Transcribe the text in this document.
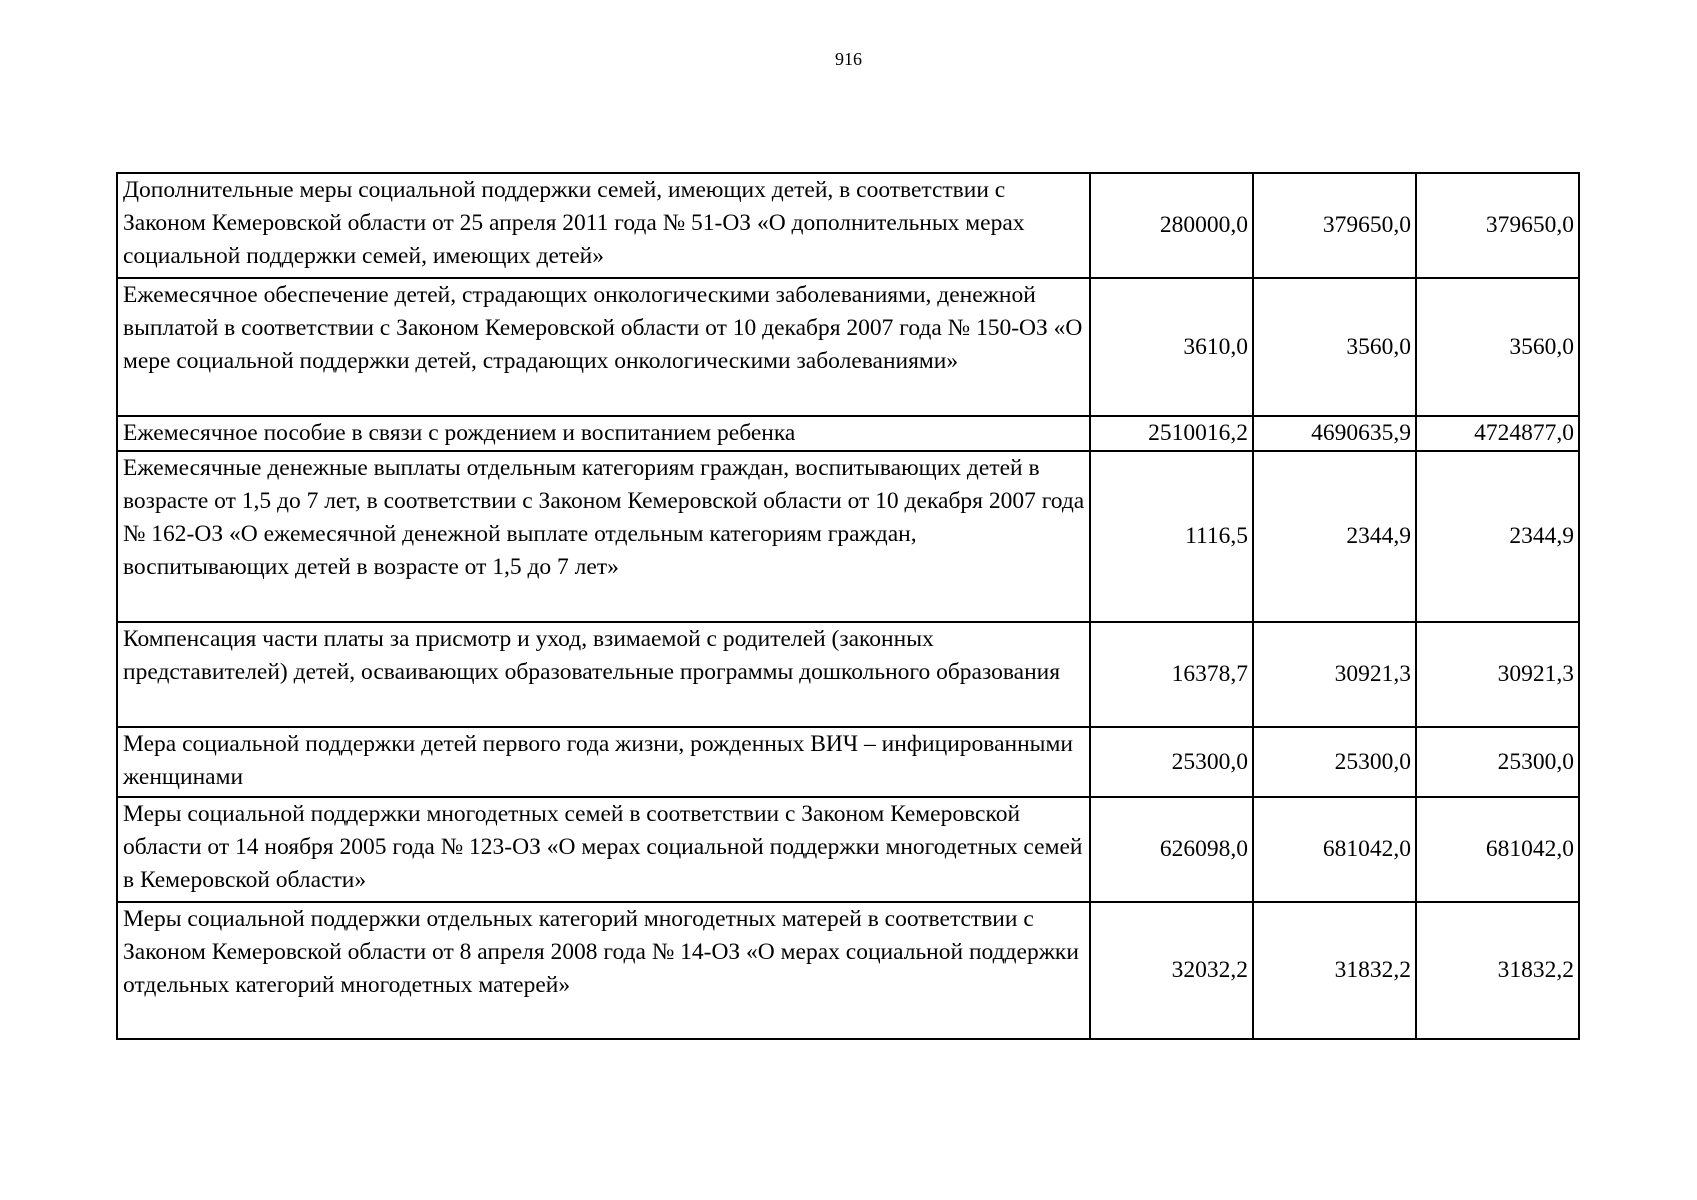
916
Дополнительные меры социальной поддержки семей, имеющих детей, в соответствии с Законом Кемеровской области от 25 апреля 2011 года № 51-ОЗ «О дополнительных мерах социальной поддержки семей, имеющих детей»	280000,0	379650,0	379650,0
Ежемесячное обеспечение детей, страдающих онкологическими заболеваниями, денежной выплатой в соответствии с Законом Кемеровской области от 10 декабря 2007 года № 150-ОЗ «О мере социальной поддержки детей, страдающих онкологическими заболеваниями»	3610,0	3560,0	3560,0
Ежемесячное пособие в связи с рождением и воспитанием ребенка	2510016,2	4690635,9	4724877,0
Ежемесячные денежные выплаты отдельным категориям граждан, воспитывающих детей в возрасте от 1,5 до 7 лет, в соответствии с Законом Кемеровской области от 10 декабря 2007 года № 162-ОЗ «О ежемесячной денежной выплате отдельным категориям граждан, воспитывающих детей в возрасте от 1,5 до 7 лет»	1116,5	2344,9	2344,9
Компенсация части платы за присмотр и уход, взимаемой с родителей (законных представителей) детей, осваивающих образовательные программы дошкольного образования	16378,7	30921,3	30921,3
Мера социальной поддержки детей первого года жизни, рожденных ВИЧ – инфицированными женщинами	25300,0	25300,0	25300,0
Меры социальной поддержки многодетных семей в соответствии с Законом Кемеровской области от 14 ноября 2005 года № 123-ОЗ «О мерах социальной поддержки многодетных семей в Кемеровской области»	626098,0	681042,0	681042,0
Меры социальной поддержки отдельных категорий многодетных матерей в соответствии с Законом Кемеровской области от 8 апреля 2008 года № 14-ОЗ «О мерах социальной поддержки отдельных категорий многодетных матерей»	32032,2	31832,2	31832,2
